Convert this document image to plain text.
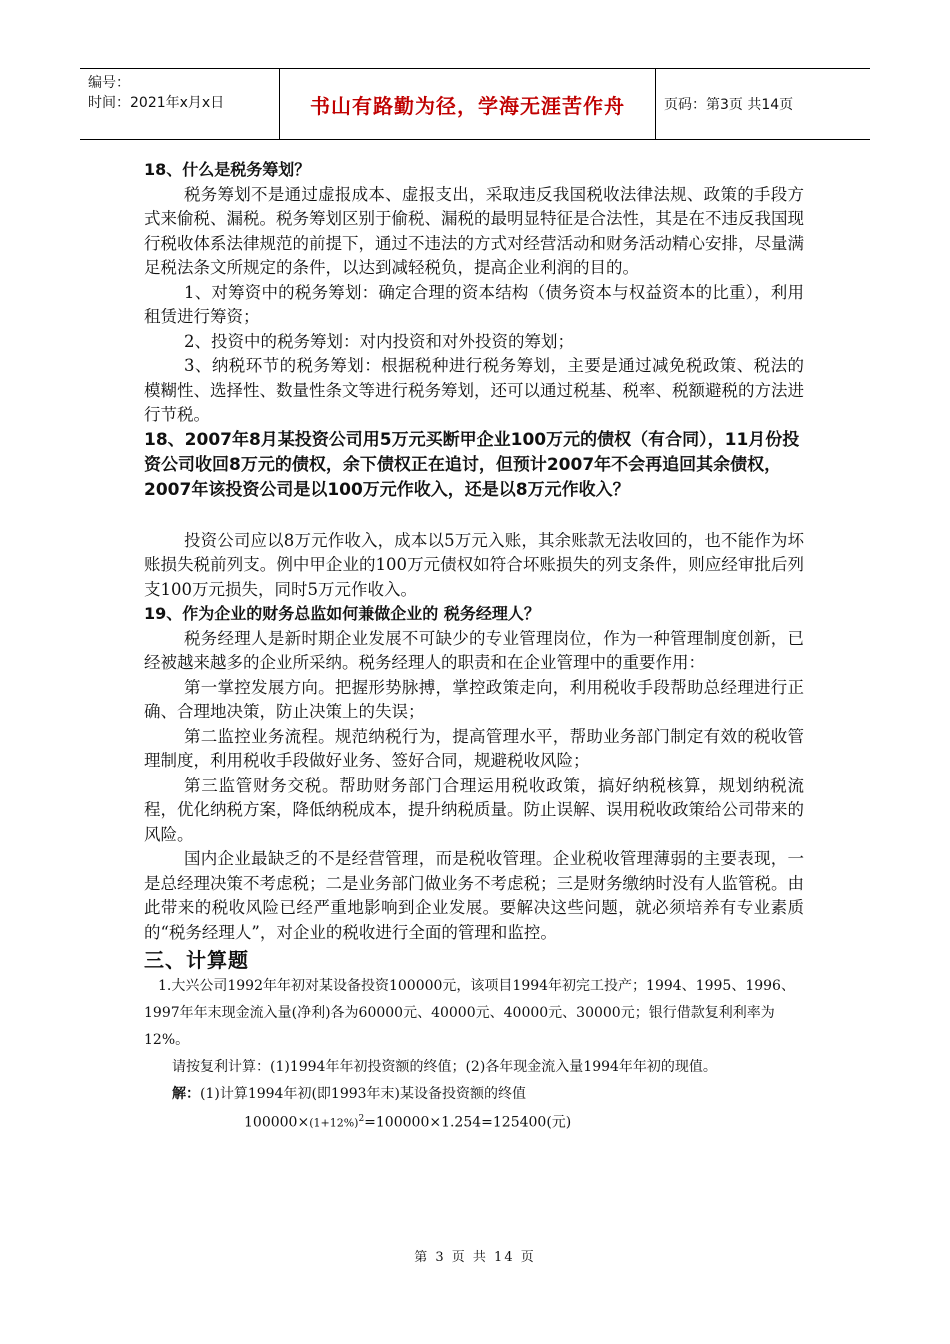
编号：
时间：2021年x月x日	书山有路勤为径，学海无涯苦作舟	页码：第3页 共14页

18、什么是税务筹划？

税务筹划不是通过虚报成本、虚报支出，采取违反我国税收法律法规、政策的手段方式来偷税、漏税。税务筹划区别于偷税、漏税的最明显特征是合法性，其是在不违反我国现行税收体系法律规范的前提下，通过不违法的方式对经营活动和财务活动精心安排，尽量满足税法条文所规定的条件，以达到减轻税负，提高企业利润的目的。

1、对筹资中的税务筹划：确定合理的资本结构（债务资本与权益资本的比重），利用租赁进行筹资；

2、投资中的税务筹划：对内投资和对外投资的筹划；

3、纳税环节的税务筹划：根据税种进行税务筹划，主要是通过减免税政策、税法的模糊性、选择性、数量性条文等进行税务筹划，还可以通过税基、税率、税额避税的方法进行节税。

18、2007年8月某投资公司用5万元买断甲企业100万元的债权（有合同），11月份投资公司收回8万元的债权，余下债权正在追讨，但预计2007年不会再追回其余债权，2007年该投资公司是以100万元作收入，还是以8万元作收入？

投资公司应以8万元作收入，成本以5万元入账，其余账款无法收回的，也不能作为坏账损失税前列支。例中甲企业的100万元债权如符合坏账损失的列支条件，则应经审批后列支100万元损失，同时5万元作收入。

19、作为企业的财务总监如何兼做企业的 税务经理人？

税务经理人是新时期企业发展不可缺少的专业管理岗位，作为一种管理制度创新，已经被越来越多的企业所采纳。税务经理人的职责和在企业管理中的重要作用：

第一掌控发展方向。把握形势脉搏，掌控政策走向，利用税收手段帮助总经理进行正确、合理地决策，防止决策上的失误；

第二监控业务流程。规范纳税行为，提高管理水平，帮助业务部门制定有效的税收管理制度，利用税收手段做好业务、签好合同，规避税收风险；

第三监管财务交税。帮助财务部门合理运用税收政策，搞好纳税核算，规划纳税流程，优化纳税方案，降低纳税成本，提升纳税质量。防止误解、误用税收政策给公司带来的风险。

国内企业最缺乏的不是经营管理，而是税收管理。企业税收管理薄弱的主要表现，一是总经理决策不考虑税；二是业务部门做业务不考虑税；三是财务缴纳时没有人监管税。由此带来的税收风险已经严重地影响到企业发展。要解决这些问题，就必须培养有专业素质的“税务经理人”，对企业的税收进行全面的管理和监控。

三、计算题

1.大兴公司1992年年初对某设备投资100000元，该项目1994年初完工投产；1994、1995、1996、1997年年末现金流入量(净利)各为60000元、40000元、40000元、30000元；银行借款复利利率为12%。

请按复利计算：(1)1994年年初投资额的终值；(2)各年现金流入量1994年年初的现值。

解：(1)计算1994年初(即1993年末)某设备投资额的终值

$100000\times(1+12\%)^2=100000\times 1.254=125400$(元)

第 3 页 共 14 页
